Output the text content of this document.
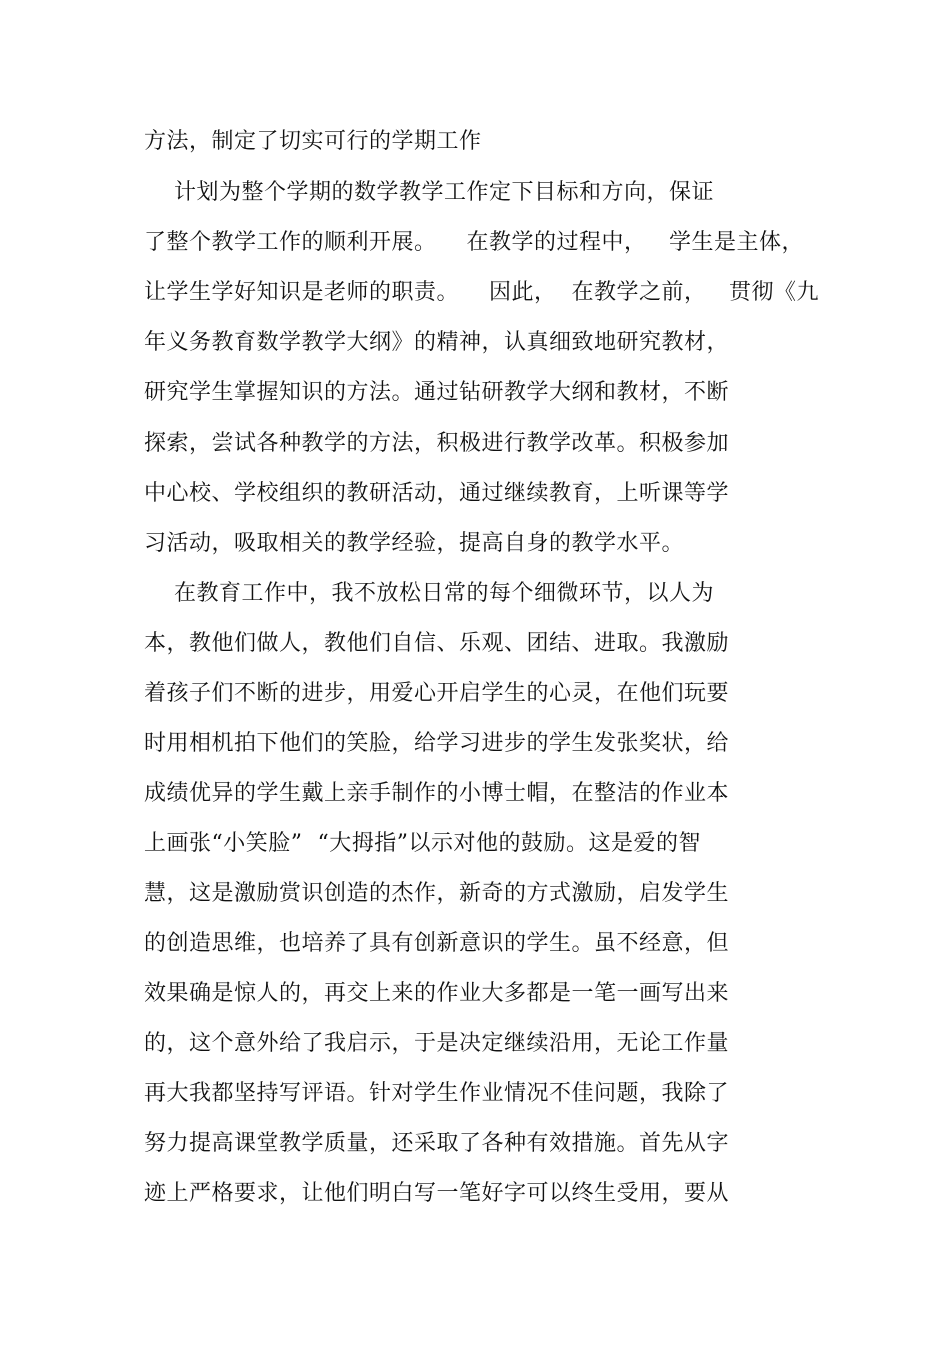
方法，制定了切实可行的学期工作
计划为整个学期的数学教学工作定下目标和方向，保证
了整个教学工作的顺利开展。    在教学的过程中，   学生是主体，
让学生学好知识是老师的职责。    因此，  在教学之前，   贯彻《九
年义务教育数学教学大纲》的精神，认真细致地研究教材，
研究学生掌握知识的方法。通过钻研教学大纲和教材，不断
探索，尝试各种教学的方法，积极进行教学改革。积极参加
中心校、学校组织的教研活动，通过继续教育，上听课等学
习活动，吸取相关的教学经验，提高自身的教学水平。
在教育工作中，我不放松日常的每个细微环节，以人为
本，教他们做人，教他们自信、乐观、团结、进取。我激励
着孩子们不断的进步，用爱心开启学生的心灵，在他们玩要
时用相机拍下他们的笑脸，给学习进步的学生发张奖状，给
成绩优异的学生戴上亲手制作的小博士帽，在整洁的作业本
上画张“小笑脸”  “大拇指”以示对他的鼓励。这是爱的智
慧，这是激励赏识创造的杰作，新奇的方式激励，启发学生
的创造思维，也培养了具有创新意识的学生。虽不经意，但
效果确是惊人的，再交上来的作业大多都是一笔一画写出来
的，这个意外给了我启示，于是决定继续沿用，无论工作量
再大我都坚持写评语。针对学生作业情况不佳问题，我除了
努力提高课堂教学质量，还采取了各种有效措施。首先从字
迹上严格要求，让他们明白写一笔好字可以终生受用，要从
